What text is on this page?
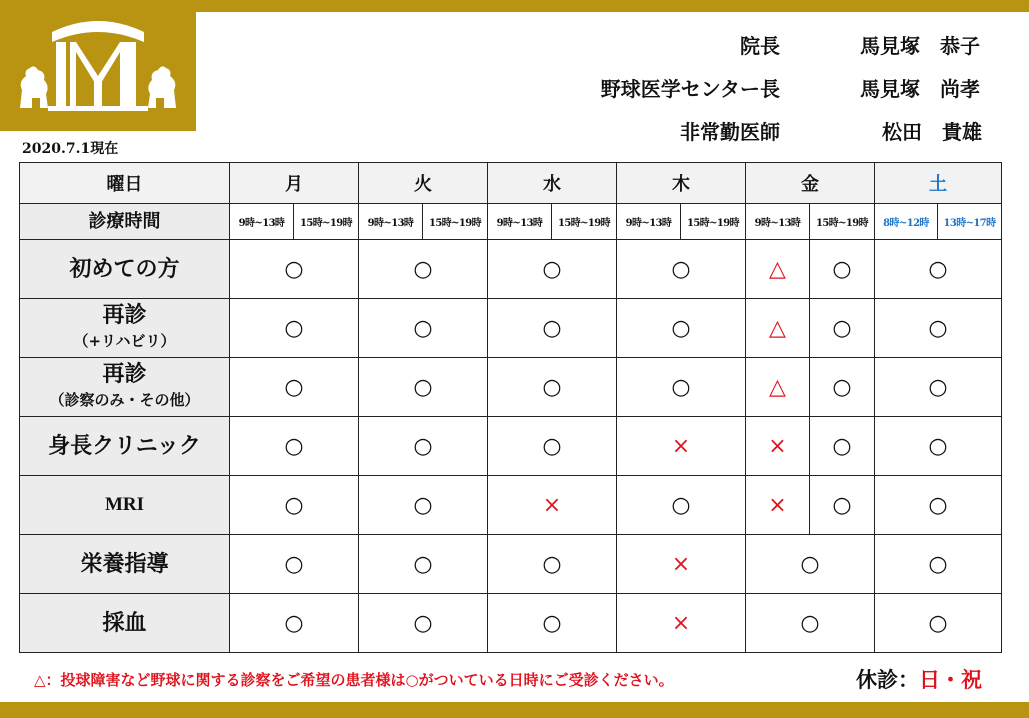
2020.7.1現在
院長	馬見塚　恭子
野球医学センター長	馬見塚　尚孝
非常勤医師	松田　貴雄
曜日	月		火		水		木		金		土	
診療時間	9時~13時	15時~19時	9時~13時	15時~19時	9時~13時	15時~19時	9時~13時	15時~19時	9時~13時	15時~19時	8時~12時	13時~17時
初めての方	○		○		○		○		△	○	○	
再診
（+リハビリ）	○		○		○		○		△	○	○	
再診
（診察のみ・その他）	○		○		○		○		△	○	○	
身長クリニック	○		○		○		×		×	○	○	
MRI	○		○		×		○		×	○	○	
栄養指導	○		○		○		×		○		○	
採血	○		○		○		×		○		○	
△：投球障害など野球に関する診察をご希望の患者様は○がついている日時にご受診ください。	休診：日・祝
